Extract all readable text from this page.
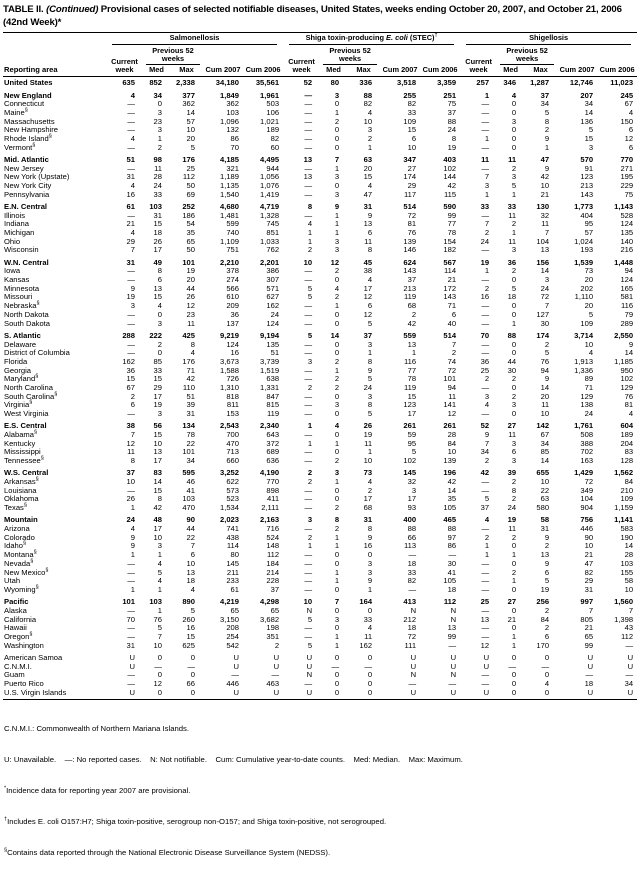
TABLE II. (Continued) Provisional cases of selected notifiable diseases, United States, weeks ending October 20, 2007, and October 21, 2006 (42nd Week)*
Reporting area	Salmonellosis					Shiga toxin-producing E. coli (STEC)†					Shigellosis				

	Current week	Previous 52 weeks		Cum 2007	Cum 2006	Current week	Previous 52 weeks		Cum 2007	Cum 2006	Current week	Previous 52 weeks		Cum 2007	Cum 2006
		Med	Max				Med	Max				Med	Max		
United States	635	852	2,338	34,180	35,561	52	80	336	3,518	3,359	257	346	1,287	12,746	11,023
New England	4	34	377	1,849	1,961	—	3	88	255	251	1	4	37	207	245
Connecticut	—	0	362	362	503	—	0	82	82	75	—	0	34	34	67
Maine§	—	3	14	103	106	—	1	4	33	37	—	0	5	14	4
Massachusetts	—	23	57	1,096	1,021	—	2	10	109	88	—	3	8	136	150
New Hampshire	—	3	10	132	189	—	0	3	15	24	—	0	2	5	6
Rhode Island§	4	1	20	86	82	—	0	2	6	8	1	0	9	15	12
Vermont§	—	2	5	70	60	—	0	1	10	19	—	0	1	3	6
Mid. Atlantic	51	98	176	4,185	4,495	13	7	63	347	403	11	11	47	570	770
New Jersey	—	11	25	321	944	—	1	20	27	102	—	2	9	91	271
New York (Upstate)	31	28	112	1,189	1,056	13	3	15	174	144	7	3	42	123	195
New York City	4	24	50	1,135	1,076	—	0	4	29	42	3	5	10	213	229
Pennsylvania	16	33	69	1,540	1,419	—	3	47	117	115	1	1	21	143	75
E.N. Central	61	103	252	4,680	4,719	8	9	31	514	590	33	33	130	1,773	1,143
Illinois	—	31	186	1,481	1,328	—	1	9	72	99	—	11	32	404	528
Indiana	21	15	54	599	745	4	1	13	81	77	7	2	11	95	124
Michigan	4	18	35	740	851	1	1	6	76	78	2	1	7	57	135
Ohio	29	26	65	1,109	1,033	1	3	11	139	154	24	11	104	1,024	140
Wisconsin	7	17	50	751	762	2	3	8	146	182	—	3	13	193	216
W.N. Central	31	49	101	2,210	2,201	10	12	45	624	567	19	36	156	1,539	1,448
Iowa	—	8	19	378	386	—	2	38	143	114	1	2	14	73	94
Kansas	—	6	20	274	307	—	0	4	37	21	—	0	3	20	124
Minnesota	9	13	44	566	571	5	4	17	213	172	2	5	24	202	165
Missouri	19	15	26	610	627	5	2	12	119	143	16	18	72	1,110	581
Nebraska§	3	4	12	209	162	—	1	6	68	71	—	0	7	20	116
North Dakota	—	0	23	36	24	—	0	12	2	6	—	0	127	5	79
South Dakota	—	3	11	137	124	—	0	5	42	40	—	1	30	109	289
S. Atlantic	288	222	425	9,219	9,194	5	14	37	559	514	70	88	174	3,714	2,550
Delaware	—	2	8	124	135	—	0	3	13	7	—	0	2	10	9
District of Columbia	—	0	4	16	51	—	0	1	1	2	—	0	5	4	14
Florida	162	85	176	3,673	3,739	3	2	8	116	74	36	44	76	1,913	1,185
Georgia	36	33	71	1,588	1,519	—	1	9	77	72	25	30	94	1,336	950
Maryland§	15	15	42	726	638	—	2	5	78	101	2	2	9	89	102
North Carolina	67	29	110	1,310	1,331	2	2	24	119	94	—	0	14	71	129
South Carolina§	2	17	51	818	847	—	0	3	15	11	3	2	20	129	76
Virginia§	6	19	39	811	815	—	3	8	123	141	4	3	11	138	81
West Virginia	—	3	31	153	119	—	0	5	17	12	—	0	10	24	4
E.S. Central	38	56	134	2,543	2,340	1	4	26	261	261	52	27	142	1,761	604
Alabama§	7	15	78	700	643	—	0	19	59	28	9	11	67	508	189
Kentucky	12	10	22	470	372	1	1	11	95	84	7	3	34	388	204
Mississippi	11	13	101	713	689	—	0	1	5	10	34	6	85	702	83
Tennessee§	8	17	34	660	636	—	2	10	102	139	2	3	14	163	128
W.S. Central	37	83	595	3,252	4,190	2	3	73	145	196	42	39	655	1,429	1,562
Arkansas§	10	14	46	622	770	2	1	4	32	42	—	2	10	72	84
Louisiana	—	15	41	573	898	—	0	2	3	14	—	8	22	349	210
Oklahoma	26	8	103	523	411	—	0	17	17	35	5	2	63	104	109
Texas§	1	42	470	1,534	2,111	—	2	68	93	105	37	24	580	904	1,159
Mountain	24	48	90	2,023	2,163	3	8	31	400	465	4	19	58	756	1,141
Arizona	4	17	44	741	716	—	2	8	88	88	—	11	31	446	583
Colorado	9	10	22	438	524	2	1	9	66	97	2	2	9	90	190
Idaho§	9	3	7	114	148	1	1	16	113	86	1	0	2	10	14
Montana§	1	1	6	80	112	—	0	0	—	—	1	1	13	21	28
Nevada§	—	4	10	145	184	—	0	3	18	30	—	0	9	47	103
New Mexico§	—	5	13	211	214	—	1	3	33	41	—	2	6	82	155
Utah	—	4	18	233	228	—	1	9	82	105	—	1	5	29	58
Wyoming§	1	1	4	61	37	—	0	1	—	18	—	0	19	31	10
Pacific	101	103	890	4,219	4,298	10	7	164	413	112	25	27	256	997	1,560
Alaska	—	1	5	65	65	N	0	0	N	N	—	0	2	7	7
California	70	76	260	3,150	3,682	5	3	33	212	N	13	21	84	805	1,398
Hawaii	—	5	16	208	198	—	0	4	18	13	—	0	2	21	43
Oregon§	—	7	15	254	351	—	1	11	72	99	—	1	6	65	112
Washington	31	10	625	542	2	5	1	162	111	—	12	1	170	99	—
American Samoa	U	0	0	U	U	U	0	0	U	U	U	0	0	U	U
C.N.M.I.	U	—	—	U	U	U	—	—	U	U	U	—	—	U	U
Guam	—	0	0	—	—	N	0	0	N	N	—	0	0	—	—
Puerto Rico	—	12	66	446	463	—	0	0	—	—	—	0	4	18	34
U.S. Virgin Islands	U	0	0	U	U	U	0	0	U	U	U	0	0	U	U

C.N.M.I.: Commonwealth of Northern Mariana Islands.

U: Unavailable.    —: No reported cases.    N: Not notifiable.    Cum: Cumulative year-to-date counts.    Med: Median.    Max: Maximum.

*Incidence data for reporting year 2007 are provisional.

†Includes E. coli O157:H7; Shiga toxin-positive, serogroup non-O157; and Shiga toxin-positive, not serogrouped.

§Contains data reported through the National Electronic Disease Surveillance System (NEDSS).
